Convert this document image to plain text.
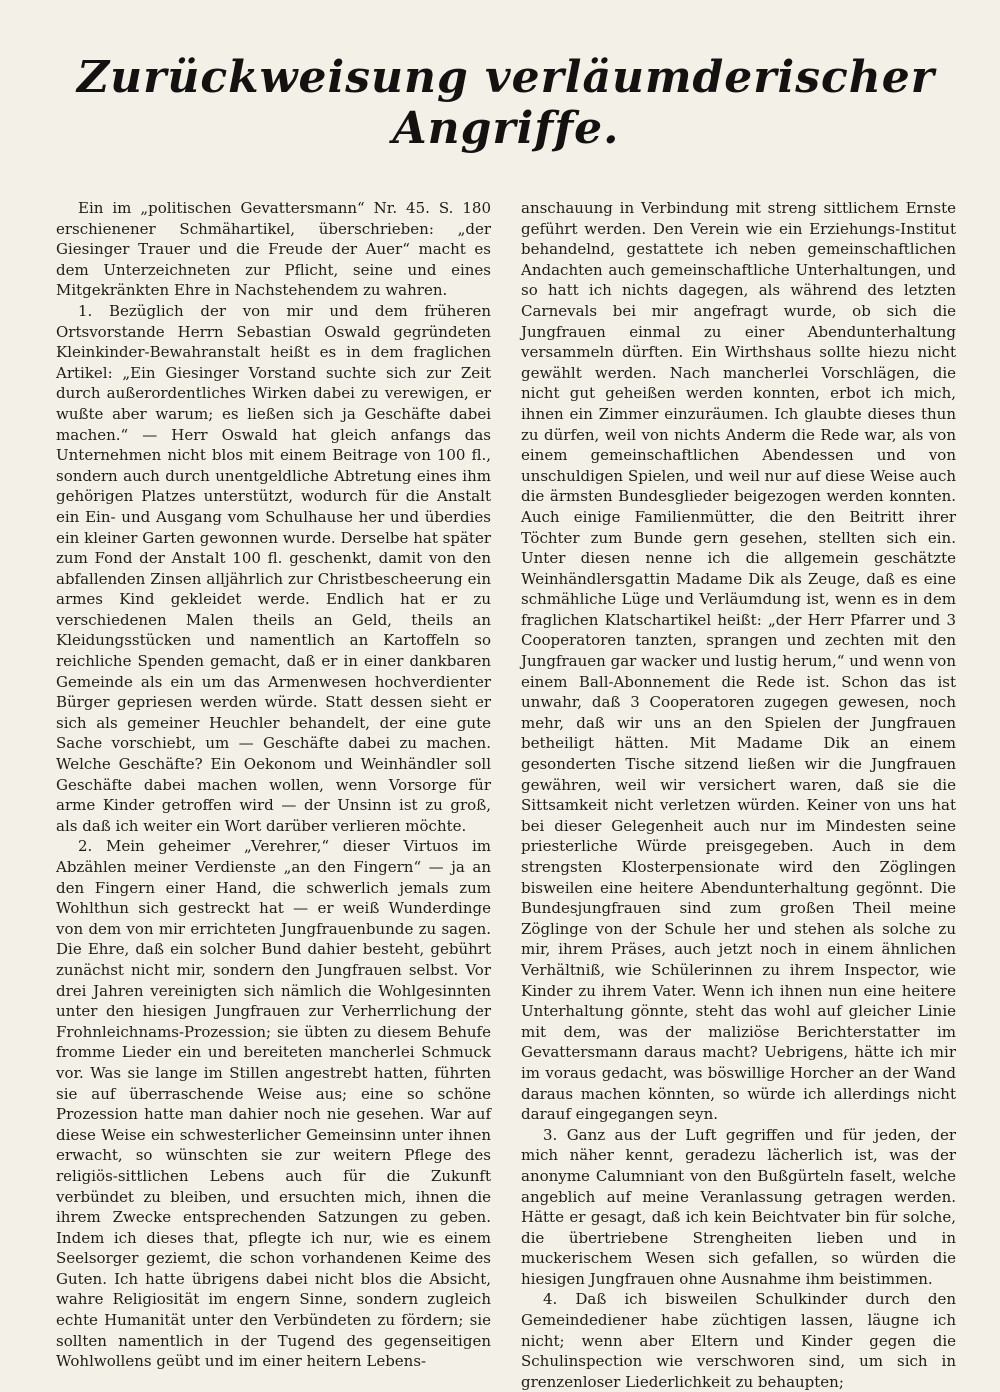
Zurückweisung verläumderischer Angriffe.

Ein im „politischen Gevattersmann“ Nr. 45. S. 180 erschienener Schmähartikel, überschrieben: „der Giesinger Trauer und die Freude der Auer“ macht es dem Unterzeichneten zur Pflicht, seine und eines Mitgekränkten Ehre in Nachstehendem zu wahren.

1. Bezüglich der von mir und dem früheren Ortsvorstande Herrn Sebastian Oswald gegründeten Kleinkinder-Bewahranstalt heißt es in dem fraglichen Artikel: „Ein Giesinger Vorstand suchte sich zur Zeit durch außerordentliches Wirken dabei zu verewigen, er wußte aber warum; es ließen sich ja Geschäfte dabei machen.“ — Herr Oswald hat gleich anfangs das Unternehmen nicht blos mit einem Beitrage von 100 fl., sondern auch durch unentgeldliche Abtretung eines ihm gehörigen Platzes unterstützt, wodurch für die Anstalt ein Ein- und Ausgang vom Schulhause her und überdies ein kleiner Garten gewonnen wurde. Derselbe hat später zum Fond der Anstalt 100 fl. geschenkt, damit von den abfallenden Zinsen alljährlich zur Christbescheerung ein armes Kind gekleidet werde. Endlich hat er zu verschiedenen Malen theils an Geld, theils an Kleidungsstücken und namentlich an Kartoffeln so reichliche Spenden gemacht, daß er in einer dankbaren Gemeinde als ein um das Armenwesen hochverdienter Bürger gepriesen werden würde. Statt dessen sieht er sich als gemeiner Heuchler behandelt, der eine gute Sache vorschiebt, um — Geschäfte dabei zu machen. Welche Geschäfte? Ein Oekonom und Weinhändler soll Geschäfte dabei machen wollen, wenn Vorsorge für arme Kinder getroffen wird — der Unsinn ist zu groß, als daß ich weiter ein Wort darüber verlieren möchte.

2. Mein geheimer „Verehrer,“ dieser Virtuos im Abzählen meiner Verdienste „an den Fingern“ — ja an den Fingern einer Hand, die schwerlich jemals zum Wohlthun sich gestreckt hat — er weiß Wunderdinge von dem von mir errichteten Jungfrauenbunde zu sagen. Die Ehre, daß ein solcher Bund dahier besteht, gebührt zunächst nicht mir, sondern den Jungfrauen selbst. Vor drei Jahren vereinigten sich nämlich die Wohlgesinnten unter den hiesigen Jungfrauen zur Verherrlichung der Frohnleichnams-Prozession; sie übten zu diesem Behufe fromme Lieder ein und bereiteten mancherlei Schmuck vor. Was sie lange im Stillen angestrebt hatten, führten sie auf überraschende Weise aus; eine so schöne Prozession hatte man dahier noch nie gesehen. War auf diese Weise ein schwesterlicher Gemeinsinn unter ihnen erwacht, so wünschten sie zur weitern Pflege des religiös-sittlichen Lebens auch für die Zukunft verbündet zu bleiben, und ersuchten mich, ihnen die ihrem Zwecke entsprechenden Satzungen zu geben. Indem ich dieses that, pflegte ich nur, wie es einem Seelsorger geziemt, die schon vorhandenen Keime des Guten. Ich hatte übrigens dabei nicht blos die Absicht, wahre Religiosität im engern Sinne, sondern zugleich echte Humanität unter den Verbündeten zu fördern; sie sollten namentlich in der Tugend des gegenseitigen Wohlwollens geübt und im einer heitern Lebens-

anschauung in Verbindung mit streng sittlichem Ernste geführt werden. Den Verein wie ein Erziehungs-Institut behandelnd, gestattete ich neben gemeinschaftlichen Andachten auch gemeinschaftliche Unterhaltungen, und so hatt ich nichts dagegen, als während des letzten Carnevals bei mir angefragt wurde, ob sich die Jungfrauen einmal zu einer Abendunterhaltung versammeln dürften. Ein Wirthshaus sollte hiezu nicht gewählt werden. Nach mancherlei Vorschlägen, die nicht gut geheißen werden konnten, erbot ich mich, ihnen ein Zimmer einzuräumen. Ich glaubte dieses thun zu dürfen, weil von nichts Anderm die Rede war, als von einem gemeinschaftlichen Abendessen und von unschuldigen Spielen, und weil nur auf diese Weise auch die ärmsten Bundesglieder beigezogen werden konnten. Auch einige Familienmütter, die den Beitritt ihrer Töchter zum Bunde gern gesehen, stellten sich ein. Unter diesen nenne ich die allgemein geschätzte Weinhändlersgattin Madame Dik als Zeuge, daß es eine schmähliche Lüge und Verläumdung ist, wenn es in dem fraglichen Klatschartikel heißt: „der Herr Pfarrer und 3 Cooperatoren tanzten, sprangen und zechten mit den Jungfrauen gar wacker und lustig herum,“ und wenn von einem Ball-Abonnement die Rede ist. Schon das ist unwahr, daß 3 Cooperatoren zugegen gewesen, noch mehr, daß wir uns an den Spielen der Jungfrauen betheiligt hätten. Mit Madame Dik an einem gesonderten Tische sitzend ließen wir die Jungfrauen gewähren, weil wir versichert waren, daß sie die Sittsamkeit nicht verletzen würden. Keiner von uns hat bei dieser Gelegenheit auch nur im Mindesten seine priesterliche Würde preisgegeben. Auch in dem strengsten Klosterpensionate wird den Zöglingen bisweilen eine heitere Abendunterhaltung gegönnt. Die Bundesjungfrauen sind zum großen Theil meine Zöglinge von der Schule her und stehen als solche zu mir, ihrem Präses, auch jetzt noch in einem ähnlichen Verhältniß, wie Schülerinnen zu ihrem Inspector, wie Kinder zu ihrem Vater. Wenn ich ihnen nun eine heitere Unterhaltung gönnte, steht das wohl auf gleicher Linie mit dem, was der maliziöse Berichterstatter im Gevattersmann daraus macht? Uebrigens, hätte ich mir im voraus gedacht, was böswillige Horcher an der Wand daraus machen könnten, so würde ich allerdings nicht darauf eingegangen seyn.

3. Ganz aus der Luft gegriffen und für jeden, der mich näher kennt, geradezu lächerlich ist, was der anonyme Calumniant von den Bußgürteln faselt, welche angeblich auf meine Veranlassung getragen werden. Hätte er gesagt, daß ich kein Beichtvater bin für solche, die übertriebene Strengheiten lieben und in muckerischem Wesen sich gefallen, so würden die hiesigen Jungfrauen ohne Ausnahme ihm beistimmen.

4. Daß ich bisweilen Schulkinder durch den Gemeindediener habe züchtigen lassen, läugne ich nicht; wenn aber Eltern und Kinder gegen die Schulinspection wie verschworen sind, um sich in grenzenloser Liederlichkeit zu behaupten;
